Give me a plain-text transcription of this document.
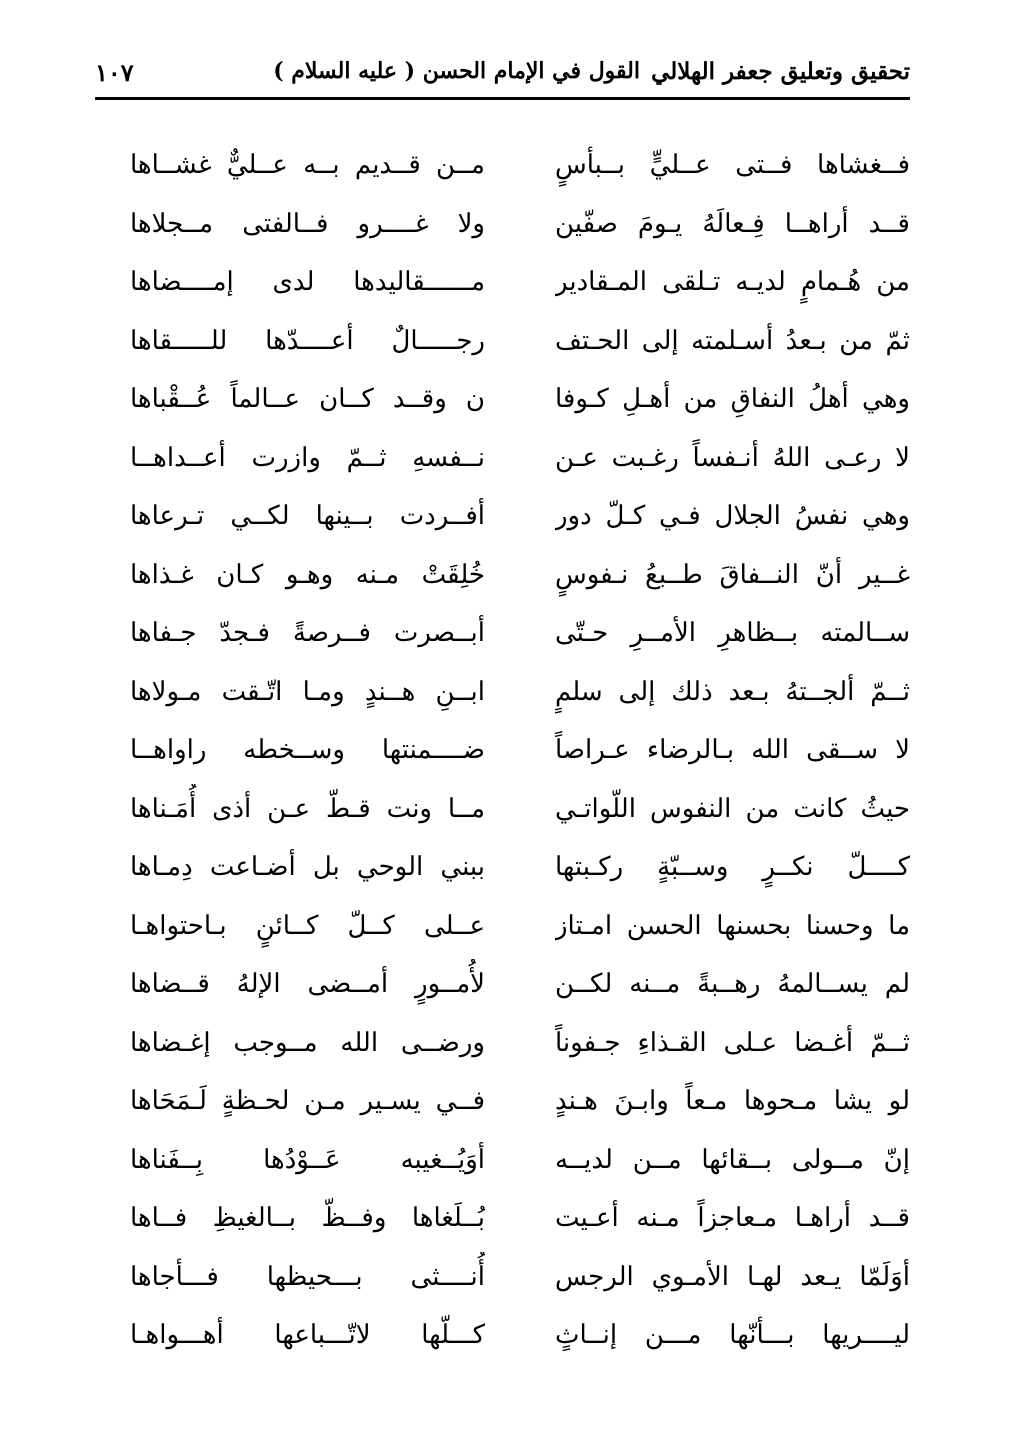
تحقيق وتعليق جعفر الهلالي
القول في الإمام الحسن ( عليه السلام )
١٠٧
فــغشاها فــتى عــليٍّ بــبأسٍ
مــن قــديم بــه عــليٌّ غشــاها
قــد أراهــا فِـعالَهُ يـومَ صفّين
ولا غــــرو فــالفتى مــجلاها
من هُـمامٍ لديـه تـلقى المـقادير
مــــــقاليدها لدى إمــــضاها
ثمّ من بـعدُ أسـلمته إلى الحـتف
رجـــــالٌ أعــــدّها للـــــقاها
وهي أهلُ النفاقِ من أهـلِ كـوفا
ن وقــد كــان عــالماً عُــقْباها
لا رعـى اللهُ أنـفساً رغـبت عـن
نــفسهِ ثــمّ وازرت أعــداهــا
وهي نفسُ الجلال فـي كـلّ دور
أفــردت بــينها لكــي تـرعاها
غــير أنّ النــفاقَ طــبعُ نـفوسٍ
خُلِقَتْ مـنه وهـو كـان غـذاها
ســالمته بــظاهرِ الأمــرِ حـتّى
أبــصرت فــرصةً فـجدّ جـفاها
ثــمّ ألجــتهُ بـعد ذلك إلى سلمٍ
ابــنِ هــندٍ ومـا اتّـقت مـولاها
لا ســقى الله بـالرضاء عـراصاً
ضــــمنتها وســخطه راواهــا
حيثُ كانت من النفوس اللّواتـي
مــا ونت قـطّ عـن أذى أُمَـناها
كــــلّ نكــرٍ وســبّةٍ ركـبتها
ببني الوحي بل أضـاعت دِمـاها
ما وحسنا بحسنها الحسن امـتاز
عــلى كــلّ كــائنٍ بـاحتواهـا
لم يســالمهُ رهــبةً مــنه لكــن
لأُمــورٍ أمــضى الإلهُ قــضاها
ثــمّ أغـضا عـلى القـذاءِ جـفوناً
ورضــى الله مــوجب إغـضاها
لو يشا مـحوها مـعاً وابـنَ هـندٍ
فــي يسـير مـن لحـظةٍ لَـمَحَاها
إنّ مــولى بــقائها مــن لديــه
أوَيُــغيبه عَــوْدُها بِــفَناها
قــد أراهـا مـعاجزاً مـنه أعـيت
بُــلَغاها وفــظّ بــالغيظِ فــاها
أوَلَمّا يـعد لهـا الأمـوي الرجس
أُنــــثى بـــحيظها فـــأجاها
ليــــريها بـــأنّها مـــن إنــاثٍ
كـــلّها لاتّـــباعها أهـــواهـا
